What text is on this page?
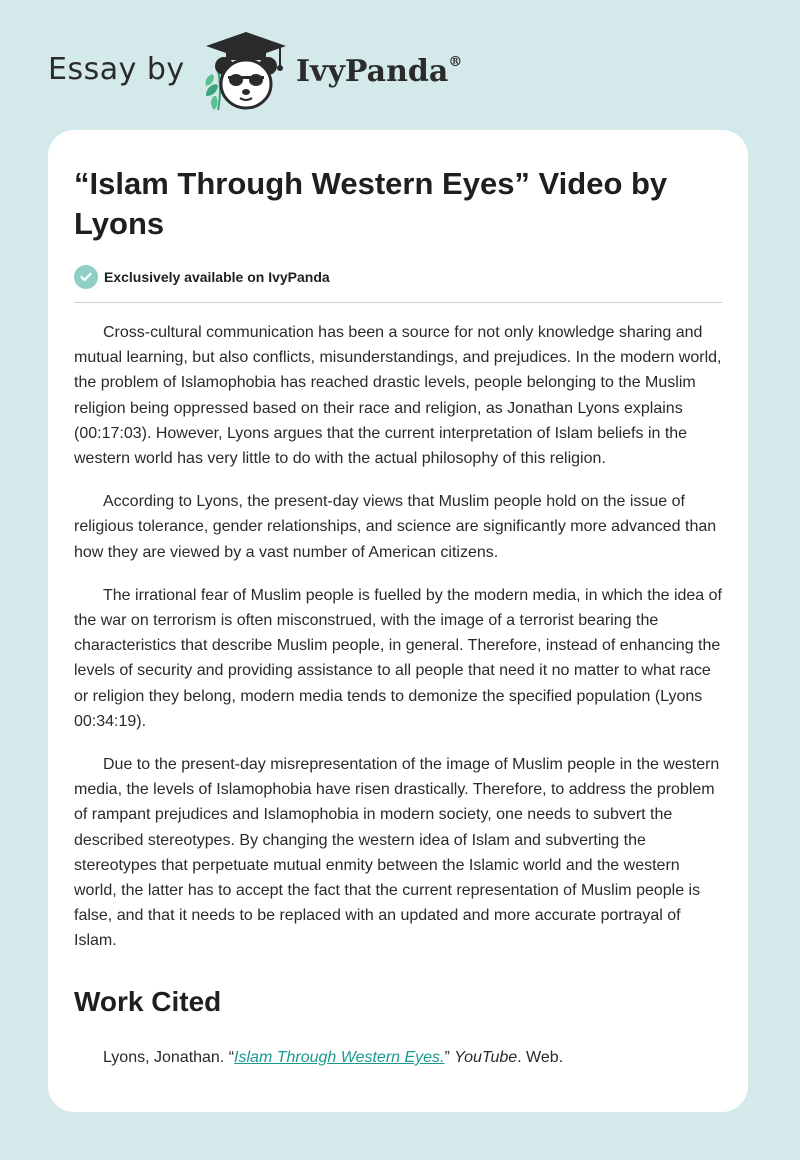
Essay by	IvyPanda®
“Islam Through Western Eyes” Video by Lyons
Exclusively available on IvyPanda

Cross-cultural communication has been a source for not only knowledge sharing and mutual learning, but also conflicts, misunderstandings, and prejudices. In the modern world, the problem of Islamophobia has reached drastic levels, people belonging to the Muslim religion being oppressed based on their race and religion, as Jonathan Lyons explains (00:17:03). However, Lyons argues that the current interpretation of Islam beliefs in the western world has very little to do with the actual philosophy of this religion.

According to Lyons, the present-day views that Muslim people hold on the issue of religious tolerance, gender relationships, and science are significantly more advanced than how they are viewed by a vast number of American citizens.

The irrational fear of Muslim people is fuelled by the modern media, in which the idea of the war on terrorism is often misconstrued, with the image of a terrorist bearing the characteristics that describe Muslim people, in general. Therefore, instead of enhancing the levels of security and providing assistance to all people that need it no matter to what race or religion they belong, modern media tends to demonize the specified population (Lyons 00:34:19).

Due to the present-day misrepresentation of the image of Muslim people in the western media, the levels of Islamophobia have risen drastically. Therefore, to address the problem of rampant prejudices and Islamophobia in modern society, one needs to subvert the described stereotypes. By changing the western idea of Islam and subverting the stereotypes that perpetuate mutual enmity between the Islamic world and the western world, the latter has to accept the fact that the current representation of Muslim people is false, and that it needs to be replaced with an updated and more accurate portrayal of Islam.

Work Cited
Lyons, Jonathan. “Islam Through Western Eyes.” YouTube. Web.
